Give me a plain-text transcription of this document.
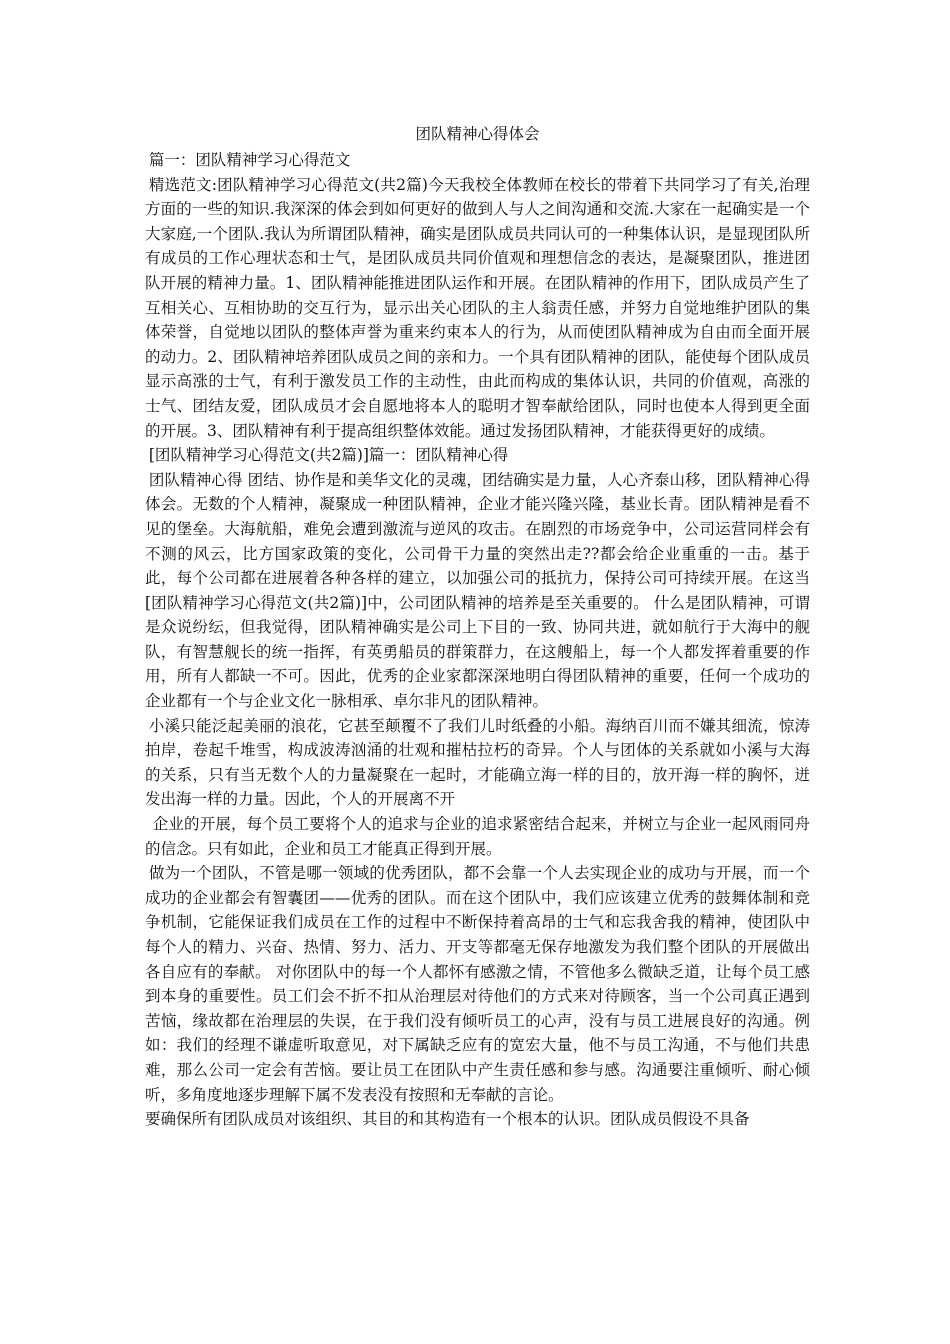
团队精神心得体会

篇一：团队精神学习心得范文

精选范文:团队精神学习心得范文(共2篇)今天我校全体教师在校长的带着下共同学习了有关,治理方面的一些的知识.我深深的体会到如何更好的做到人与人之间沟通和交流.大家在一起确实是一个大家庭,一个团队.我认为所谓团队精神，确实是团队成员共同认可的一种集体认识，是显现团队所有成员的工作心理状态和士气，是团队成员共同价值观和理想信念的表达，是凝聚团队，推进团队开展的精神力量。1、团队精神能推进团队运作和开展。在团队精神的作用下，团队成员产生了互相关心、互相协助的交互行为，显示出关心团队的主人翁责任感，并努力自觉地维护团队的集体荣誉，自觉地以团队的整体声誉为重来约束本人的行为，从而使团队精神成为自由而全面开展的动力。2、团队精神培养团队成员之间的亲和力。一个具有团队精神的团队，能使每个团队成员显示高涨的士气，有利于激发员工作的主动性，由此而构成的集体认识，共同的价值观，高涨的士气、团结友爱，团队成员才会自愿地将本人的聪明才智奉献给团队，同时也使本人得到更全面的开展。3、团队精神有利于提高组织整体效能。通过发扬团队精神，才能获得更好的成绩。

[团队精神学习心得范文(共2篇)]篇一：团队精神心得

团队精神心得 团结、协作是和美华文化的灵魂，团结确实是力量，人心齐泰山移，团队精神心得体会。无数的个人精神，凝聚成一种团队精神，企业才能兴隆兴隆，基业长青。团队精神是看不见的堡垒。大海航船，难免会遭到激流与逆风的攻击。在剧烈的市场竞争中，公司运营同样会有不测的风云，比方国家政策的变化，公司骨干力量的突然出走??都会给企业重重的一击。基于此，每个公司都在进展着各种各样的建立，以加强公司的抵抗力，保持公司可持续开展。在这当[团队精神学习心得范文(共2篇)]中，公司团队精神的培养是至关重要的。 什么是团队精神，可谓是众说纷纭，但我觉得，团队精神确实是公司上下目的一致、协同共进，就如航行于大海中的舰队，有智慧舰长的统一指挥，有英勇船员的群策群力，在这艘船上，每一个人都发挥着重要的作用，所有人都缺一不可。因此，优秀的企业家都深深地明白得团队精神的重要，任何一个成功的企业都有一个与企业文化一脉相承、卓尔非凡的团队精神。

小溪只能泛起美丽的浪花，它甚至颠覆不了我们儿时纸叠的小船。海纳百川而不嫌其细流，惊涛拍岸，卷起千堆雪，构成波涛汹涌的壮观和摧枯拉朽的奇异。个人与团体的关系就如小溪与大海的关系，只有当无数个人的力量凝聚在一起时，才能确立海一样的目的，放开海一样的胸怀，迸发出海一样的力量。因此，个人的开展离不开

企业的开展，每个员工要将个人的追求与企业的追求紧密结合起来，并树立与企业一起风雨同舟的信念。只有如此，企业和员工才能真正得到开展。

做为一个团队，不管是哪一领域的优秀团队，都不会靠一个人去实现企业的成功与开展，而一个成功的企业都会有智囊团——优秀的团队。而在这个团队中，我们应该建立优秀的鼓舞体制和竞争机制，它能保证我们成员在工作的过程中不断保持着高昂的士气和忘我舍我的精神，使团队中每个人的精力、兴奋、热情、努力、活力、开支等都毫无保存地激发为我们整个团队的开展做出各自应有的奉献。 对你团队中的每一个人都怀有感激之情，不管他多么微缺乏道，让每个员工感到本身的重要性。员工们会不折不扣从治理层对待他们的方式来对待顾客，当一个公司真正遇到苦恼，缘故都在治理层的失误，在于我们没有倾听员工的心声，没有与员工进展良好的沟通。例如：我们的经理不谦虚听取意见，对下属缺乏应有的宽宏大量，他不与员工沟通，不与他们共患难，那么公司一定会有苦恼。要让员工在团队中产生责任感和参与感。沟通要注重倾听、耐心倾听，多角度地逐步理解下属不发表没有按照和无奉献的言论。

要确保所有团队成员对该组织、其目的和其构造有一个根本的认识。团队成员假设不具备
